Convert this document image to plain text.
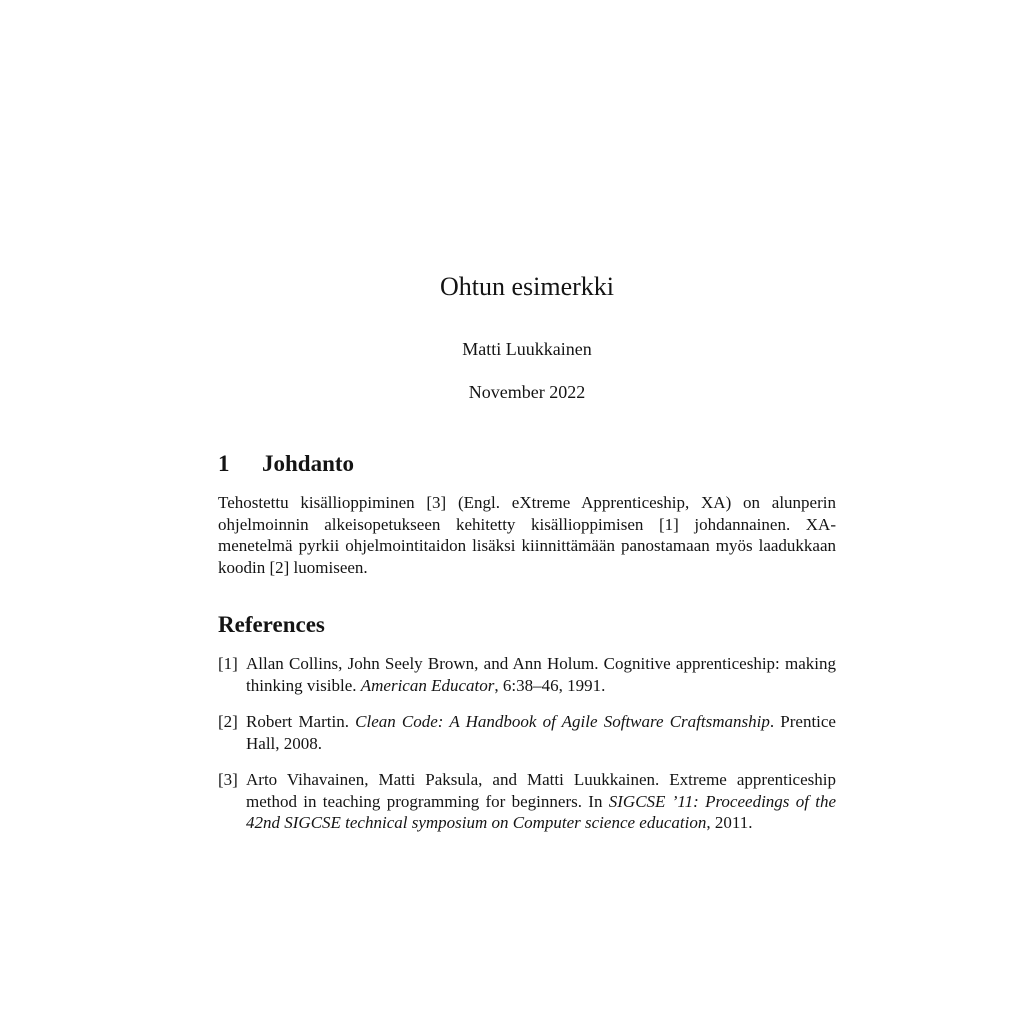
Ohtun esimerkki
Matti Luukkainen
November 2022
1	Johdanto
Tehostettu kisällioppiminen [3] (Engl. eXtreme Apprenticeship, XA) on alunperin ohjelmoinnin alkeisopetukseen kehitetty kisällioppimisen [1] johdannainen. XA-menetelmä pyrkii ohjelmointitaidon lisäksi kiinnittämään panostamaan myös laadukkaan koodin [2] luomiseen.
References
[1] Allan Collins, John Seely Brown, and Ann Holum. Cognitive apprenticeship: making thinking visible. American Educator, 6:38–46, 1991.
[2] Robert Martin. Clean Code: A Handbook of Agile Software Craftsmanship. Prentice Hall, 2008.
[3] Arto Vihavainen, Matti Paksula, and Matti Luukkainen. Extreme apprenticeship method in teaching programming for beginners. In SIGCSE ’11: Proceedings of the 42nd SIGCSE technical symposium on Computer science education, 2011.
